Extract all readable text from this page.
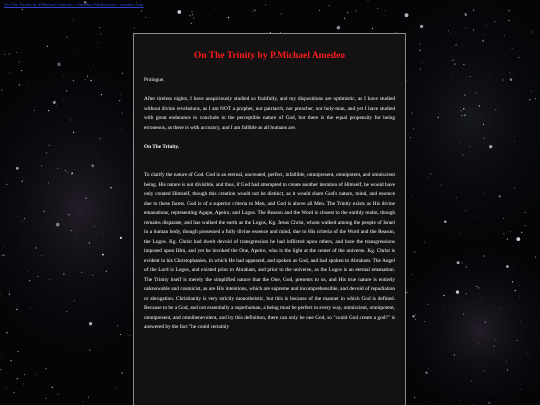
On The Trinity by P.Michael Amedeo • Amedeo Publications • amedeo.com
On The Trinity by P.Michael Amedeo

Prologue.

After tireless nights, I have auspiciously studied so fruitfully, and my dispositions are optimistic, as I have studied without divine revelations, as I am NOT a prophet, nor patriarch, nor preacher, nor holy-man, and yet I have studied with great endurance to conclude in the perceptible nature of God, but there is the equal propensity for being erroneous, as there is with accuracy, and I am fallible as all humans are.

On The Trinity.

To clarify the nature of God. God is an eternal, uncreated, perfect, infallible, omnipresent, omnipotent, and omniscient being. His nature is not divisible, and thus, if God had attempted to create another iteration of Himself, he would have only created Himself, though this creation would not be distinct, as it would share God's nature, mind, and essence due to these facets. God is of a superior criteria to Men, and God is above all Men. The Trinity exists as His divine emanations, representing Agape, Apeiro, and Logos. The Reason and the Word is closest to the earthly realm, though remains disparate, and has walked the earth as the Logos, Kg. Jesus Christ, whom walked among the people of Israel in a human body, though possessed a fully divine essence and mind, due to His criteria of the Word and the Reason, the Logos. Kg. Christ had dwelt devoid of transgression he had inflicted upon others, and bore the transgressions imposed upon Him, and yet he invoked the One, Apeiro, who is the light at the center of the universe. Kg. Christ is evident in his Christophanies, in which He had appeared, and spoken as God, and had spoken to Abraham. The Angel of the Lord is Logos, and existed prior to Abraham, and prior to the universe, as the Logos is an eternal emanation. The Trinity itself is merely the simplified nature that the One, God, presents to us, and His true nature is entirely unknowable and cosmicist, as are His intentions, which are supreme and incomprehensible, and devoid of repudiation or abrogation. Christianity is very strictly monotheistic, but this is because of the manner in which God is defined. Because to be a God, and not essentially a superhuman, a being must be perfect in every way, omniscient, omnipotent, omnipresent, and omnibenevolent, and by this definition, there can only be one God, so "could God create a god?" is answered by the fact "he could certainly
